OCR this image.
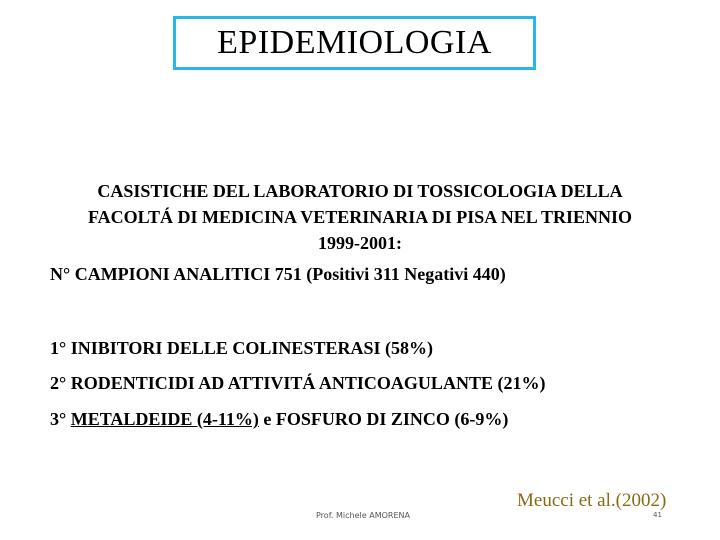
EPIDEMIOLOGIA
CASISTICHE DEL LABORATORIO DI TOSSICOLOGIA DELLA
FACOLTÁ DI MEDICINA VETERINARIA DI PISA NEL TRIENNIO
1999-2001:
N° CAMPIONI ANALITICI 751 (Positivi 311 Negativi 440)
1° INIBITORI DELLE COLINESTERASI (58%)
2° RODENTICIDI AD ATTIVITÁ ANTICOAGULANTE (21%)
3° METALDEIDE (4-11%) e FOSFURO DI ZINCO (6-9%)
Meucci et al.(2002)
Prof. Michele AMORENA	41
